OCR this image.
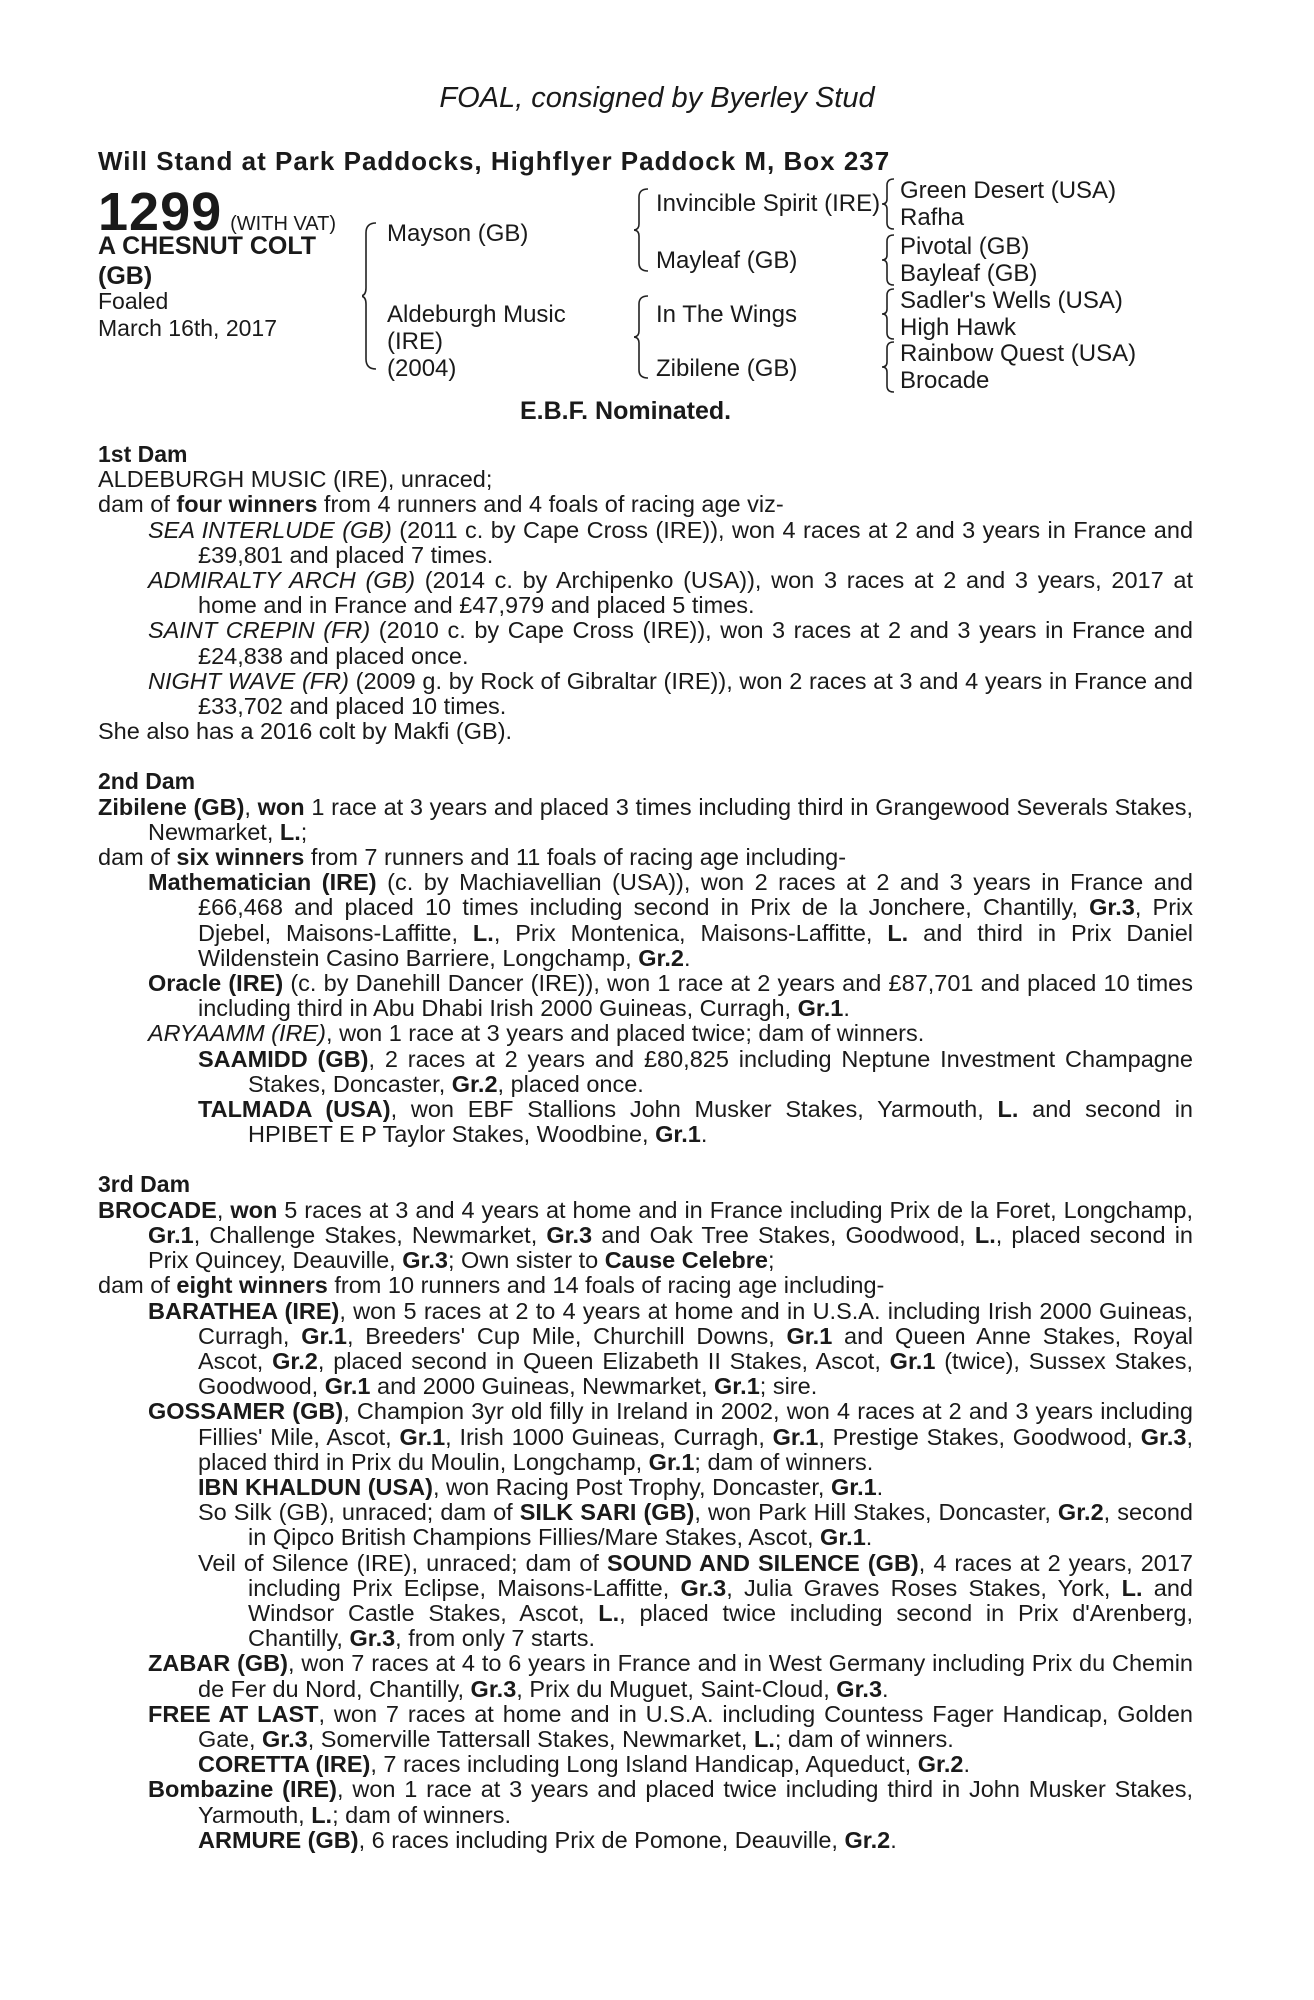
FOAL, consigned by Byerley Stud
Will Stand at Park Paddocks, Highflyer Paddock M, Box 237
1299 (WITH VAT)
A CHESNUT COLT
(GB)
Foaled
March 16th, 2017
Mayson (GB)
Aldeburgh Music
(IRE)
(2004)
Invincible Spirit (IRE)
Mayleaf (GB)
In The Wings
Zibilene (GB)
Green Desert (USA)
Rafha
Pivotal (GB)
Bayleaf (GB)
Sadler's Wells (USA)
High Hawk
Rainbow Quest (USA)
Brocade
E.B.F. Nominated.

1st Dam

ALDEBURGH MUSIC (IRE), unraced;

dam of four winners from 4 runners and 4 foals of racing age viz-

SEA INTERLUDE (GB) (2011 c. by Cape Cross (IRE)), won 4 races at 2 and 3 years in France and £39,801 and placed 7 times.

ADMIRALTY ARCH (GB) (2014 c. by Archipenko (USA)), won 3 races at 2 and 3 years, 2017 at home and in France and £47,979 and placed 5 times.

SAINT CREPIN (FR) (2010 c. by Cape Cross (IRE)), won 3 races at 2 and 3 years in France and £24,838 and placed once.

NIGHT WAVE (FR) (2009 g. by Rock of Gibraltar (IRE)), won 2 races at 3 and 4 years in France and £33,702 and placed 10 times.

She also has a 2016 colt by Makfi (GB).

2nd Dam

Zibilene (GB), won 1 race at 3 years and placed 3 times including third in Grangewood Severals Stakes, Newmarket, L.;

dam of six winners from 7 runners and 11 foals of racing age including-

Mathematician (IRE) (c. by Machiavellian (USA)), won 2 races at 2 and 3 years in France and £66,468 and placed 10 times including second in Prix de la Jonchere, Chantilly, Gr.3, Prix Djebel, Maisons-Laffitte, L., Prix Montenica, Maisons-Laffitte, L. and third in Prix Daniel Wildenstein Casino Barriere, Longchamp, Gr.2.

Oracle (IRE) (c. by Danehill Dancer (IRE)), won 1 race at 2 years and £87,701 and placed 10 times including third in Abu Dhabi Irish 2000 Guineas, Curragh, Gr.1.

ARYAAMM (IRE), won 1 race at 3 years and placed twice; dam of winners.

SAAMIDD (GB), 2 races at 2 years and £80,825 including Neptune Investment Champagne Stakes, Doncaster, Gr.2, placed once.

TALMADA (USA), won EBF Stallions John Musker Stakes, Yarmouth, L. and second in HPIBET E P Taylor Stakes, Woodbine, Gr.1.

3rd Dam

BROCADE, won 5 races at 3 and 4 years at home and in France including Prix de la Foret, Longchamp, Gr.1, Challenge Stakes, Newmarket, Gr.3 and Oak Tree Stakes, Goodwood, L., placed second in Prix Quincey, Deauville, Gr.3; Own sister to Cause Celebre;

dam of eight winners from 10 runners and 14 foals of racing age including-

BARATHEA (IRE), won 5 races at 2 to 4 years at home and in U.S.A. including Irish 2000 Guineas, Curragh, Gr.1, Breeders' Cup Mile, Churchill Downs, Gr.1 and Queen Anne Stakes, Royal Ascot, Gr.2, placed second in Queen Elizabeth II Stakes, Ascot, Gr.1 (twice), Sussex Stakes, Goodwood, Gr.1 and 2000 Guineas, Newmarket, Gr.1; sire.

GOSSAMER (GB), Champion 3yr old filly in Ireland in 2002, won 4 races at 2 and 3 years including Fillies' Mile, Ascot, Gr.1, Irish 1000 Guineas, Curragh, Gr.1, Prestige Stakes, Goodwood, Gr.3, placed third in Prix du Moulin, Longchamp, Gr.1; dam of winners.

IBN KHALDUN (USA), won Racing Post Trophy, Doncaster, Gr.1.

So Silk (GB), unraced; dam of SILK SARI (GB), won Park Hill Stakes, Doncaster, Gr.2, second in Qipco British Champions Fillies/Mare Stakes, Ascot, Gr.1.

Veil of Silence (IRE), unraced; dam of SOUND AND SILENCE (GB), 4 races at 2 years, 2017 including Prix Eclipse, Maisons-Laffitte, Gr.3, Julia Graves Roses Stakes, York, L. and Windsor Castle Stakes, Ascot, L., placed twice including second in Prix d'Arenberg, Chantilly, Gr.3, from only 7 starts.

ZABAR (GB), won 7 races at 4 to 6 years in France and in West Germany including Prix du Chemin de Fer du Nord, Chantilly, Gr.3, Prix du Muguet, Saint-Cloud, Gr.3.

FREE AT LAST, won 7 races at home and in U.S.A. including Countess Fager Handicap, Golden Gate, Gr.3, Somerville Tattersall Stakes, Newmarket, L.; dam of winners.

CORETTA (IRE), 7 races including Long Island Handicap, Aqueduct, Gr.2.

Bombazine (IRE), won 1 race at 3 years and placed twice including third in John Musker Stakes, Yarmouth, L.; dam of winners.

ARMURE (GB), 6 races including Prix de Pomone, Deauville, Gr.2.
